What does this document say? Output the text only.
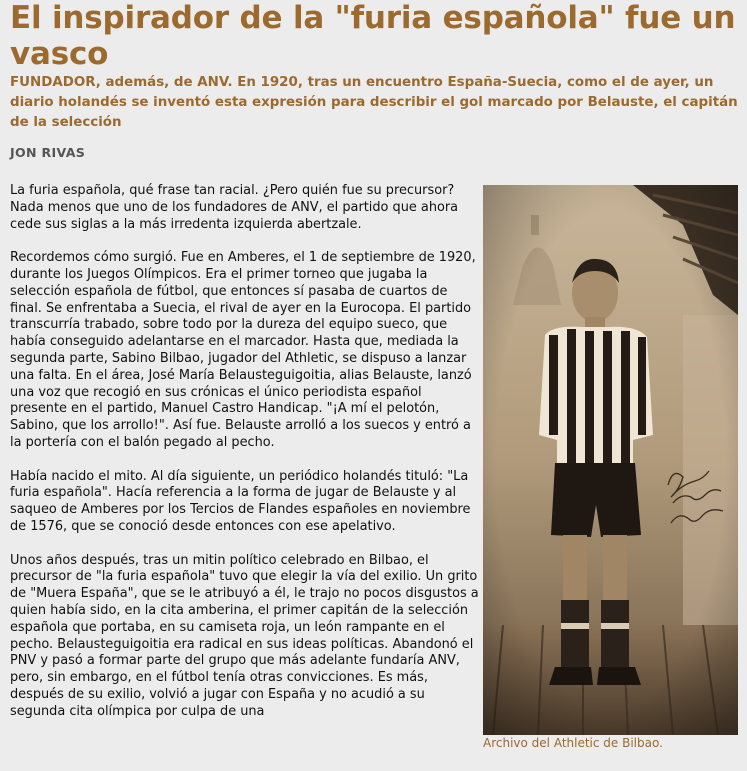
El inspirador de la "furia española" fue un vasco

FUNDADOR, además, de ANV. En 1920, tras un encuentro España-Suecia, como el de ayer, un diario holandés se inventó esta expresión para describir el gol marcado por Belauste, el capitán de la selección

JON RIVAS

La furia española, qué frase tan racial. ¿Pero quién fue su precursor? Nada menos que uno de los fundadores de ANV, el partido que ahora cede sus siglas a la más irredenta izquierda abertzale.

Recordemos cómo surgió. Fue en Amberes, el 1 de septiembre de 1920, durante los Juegos Olímpicos. Era el primer torneo que jugaba la selección española de fútbol, que entonces sí pasaba de cuartos de final. Se enfrentaba a Suecia, el rival de ayer en la Eurocopa. El partido transcurría trabado, sobre todo por la dureza del equipo sueco, que había conseguido adelantarse en el marcador. Hasta que, mediada la segunda parte, Sabino Bilbao, jugador del Athletic, se dispuso a lanzar una falta. En el área, José María Belausteguigoitia, alias Belauste, lanzó una voz que recogió en sus crónicas el único periodista español presente en el partido, Manuel Castro Handicap. "¡A mí el pelotón, Sabino, que los arrollo!". Así fue. Belauste arrolló a los suecos y entró a la portería con el balón pegado al pecho.

Había nacido el mito. Al día siguiente, un periódico holandés tituló: "La furia española". Hacía referencia a la forma de jugar de Belauste y al saqueo de Amberes por los Tercios de Flandes españoles en noviembre de 1576, que se conoció desde entonces con ese apelativo.

Unos años después, tras un mitin político celebrado en Bilbao, el precursor de "la furia española" tuvo que elegir la vía del exilio. Un grito de "Muera España", que se le atribuyó a él, le trajo no pocos disgustos a quien había sido, en la cita amberina, el primer capitán de la selección española que portaba, en su camiseta roja, un león rampante en el pecho. Belausteguigoitia era radical en sus ideas políticas. Abandonó el PNV y pasó a formar parte del grupo que más adelante fundaría ANV, pero, sin embargo, en el fútbol tenía otras convicciones. Es más, después de su exilio, volvió a jugar con España y no acudió a su segunda cita olímpica por culpa de una

Archivo del Athletic de Bilbao.
